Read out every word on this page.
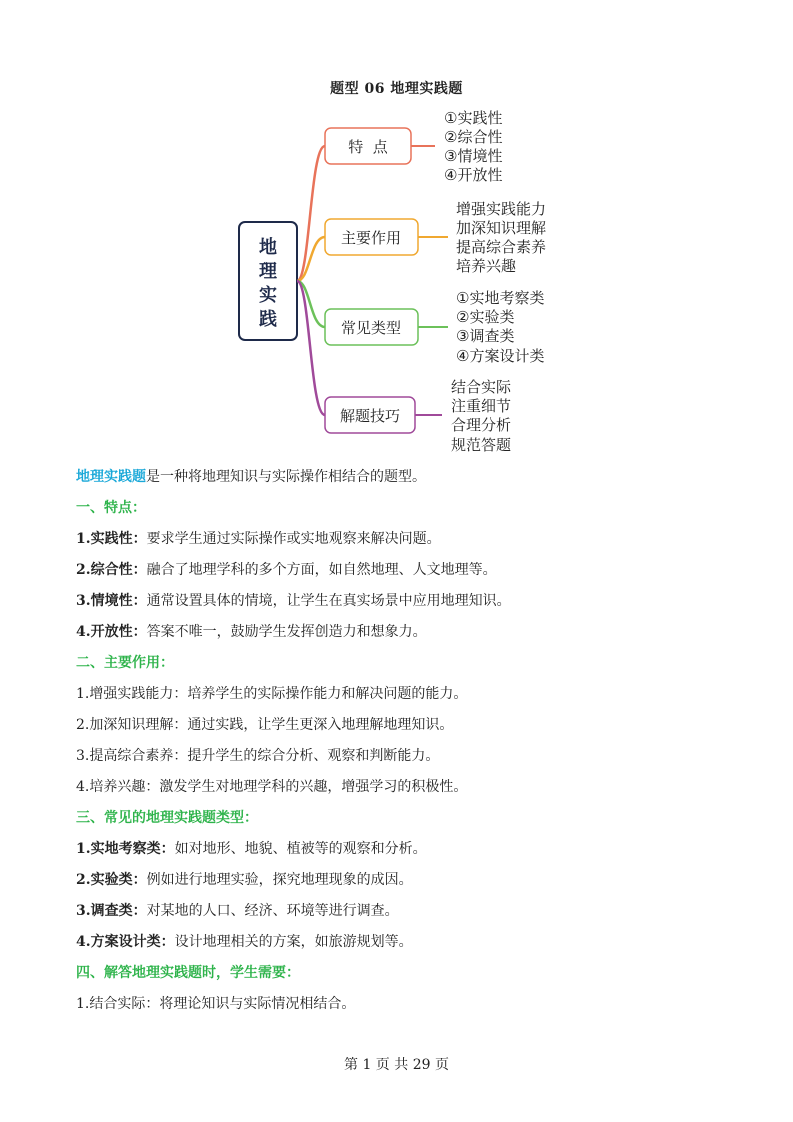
题型 06 地理实践题
地
理
实
践
特  点
①实践性
②综合性
③情境性
④开放性
主要作用
增强实践能力
加深知识理解
提高综合素养
培养兴趣
常见类型
①实地考察类
②实验类
③调查类
④方案设计类
解题技巧
结合实际
注重细节
合理分析
规范答题
地理实践题是一种将地理知识与实际操作相结合的题型。
一、特点：
1.实践性：要求学生通过实际操作或实地观察来解决问题。
2.综合性：融合了地理学科的多个方面，如自然地理、人文地理等。
3.情境性：通常设置具体的情境，让学生在真实场景中应用地理知识。
4.开放性：答案不唯一，鼓励学生发挥创造力和想象力。
二、主要作用：
1.增强实践能力：培养学生的实际操作能力和解决问题的能力。
2.加深知识理解：通过实践，让学生更深入地理解地理知识。
3.提高综合素养：提升学生的综合分析、观察和判断能力。
4.培养兴趣：激发学生对地理学科的兴趣，增强学习的积极性。
三、常见的地理实践题类型：
1.实地考察类：如对地形、地貌、植被等的观察和分析。
2.实验类：例如进行地理实验，探究地理现象的成因。
3.调查类：对某地的人口、经济、环境等进行调查。
4.方案设计类：设计地理相关的方案，如旅游规划等。
四、解答地理实践题时，学生需要：
1.结合实际：将理论知识与实际情况相结合。
第 1 页 共 29 页
